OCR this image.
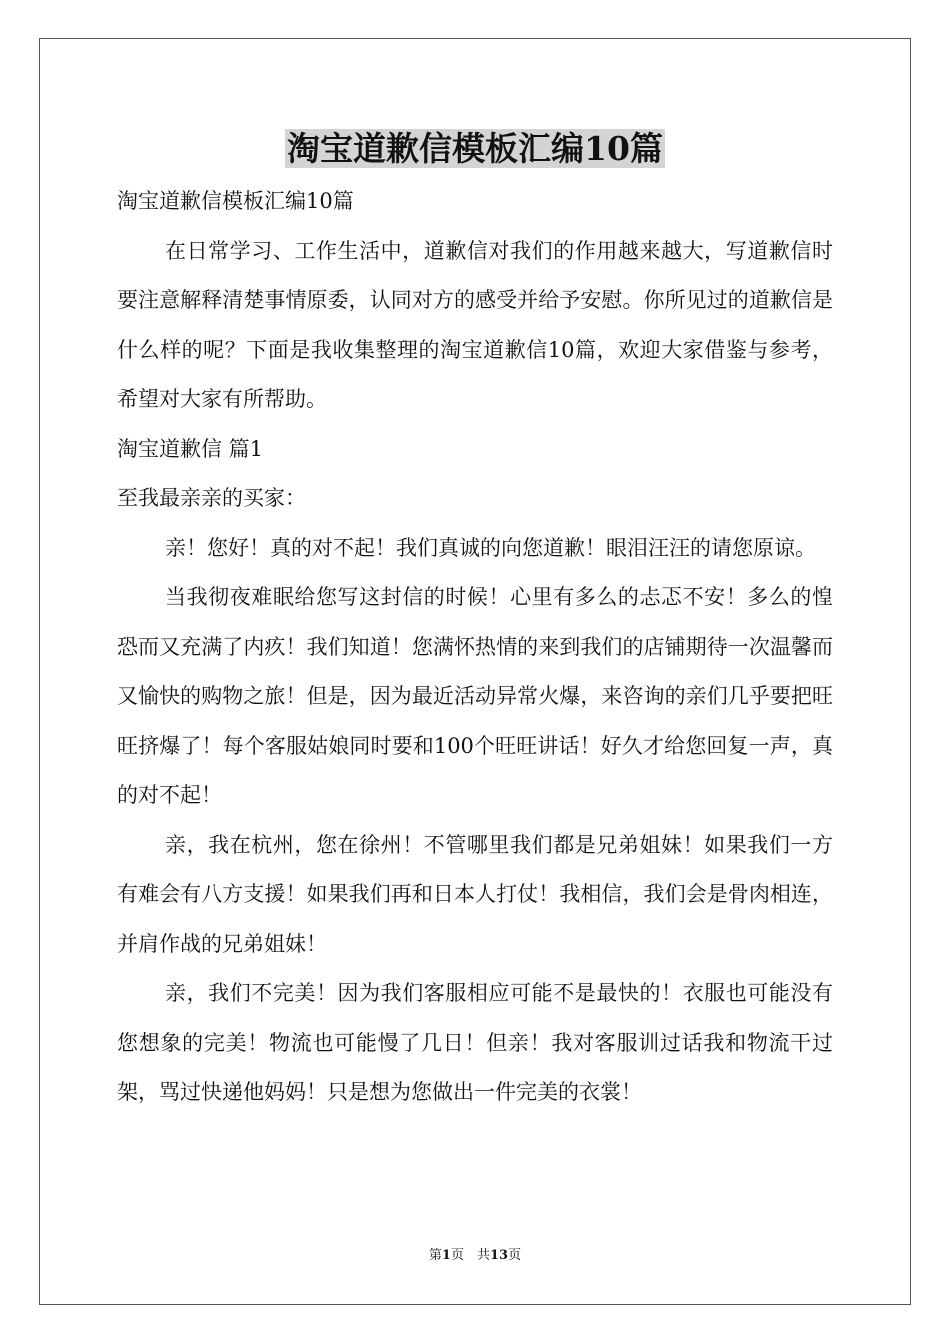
淘宝道歉信模板汇编10篇

淘宝道歉信模板汇编10篇

在日常学习、工作生活中，道歉信对我们的作用越来越大，写道歉信时要注意解释清楚事情原委，认同对方的感受并给予安慰。你所见过的道歉信是什么样的呢？下面是我收集整理的淘宝道歉信10篇，欢迎大家借鉴与参考，希望对大家有所帮助。

淘宝道歉信 篇1

至我最亲亲的买家：

亲！您好！真的对不起！我们真诚的向您道歉！眼泪汪汪的请您原谅。

当我彻夜难眠给您写这封信的时候！心里有多么的忐忑不安！多么的惶恐而又充满了内疚！我们知道！您满怀热情的来到我们的店铺期待一次温馨而又愉快的购物之旅！但是，因为最近活动异常火爆，来咨询的亲们几乎要把旺旺挤爆了！每个客服姑娘同时要和100个旺旺讲话！好久才给您回复一声，真的对不起！

亲，我在杭州，您在徐州！不管哪里我们都是兄弟姐妹！如果我们一方有难会有八方支援！如果我们再和日本人打仗！我相信，我们会是骨肉相连，并肩作战的兄弟姐妹！

亲，我们不完美！因为我们客服相应可能不是最快的！衣服也可能没有您想象的完美！物流也可能慢了几日！但亲！我对客服训过话我和物流干过架，骂过快递他妈妈！只是想为您做出一件完美的衣裳！

第1页　共13页
